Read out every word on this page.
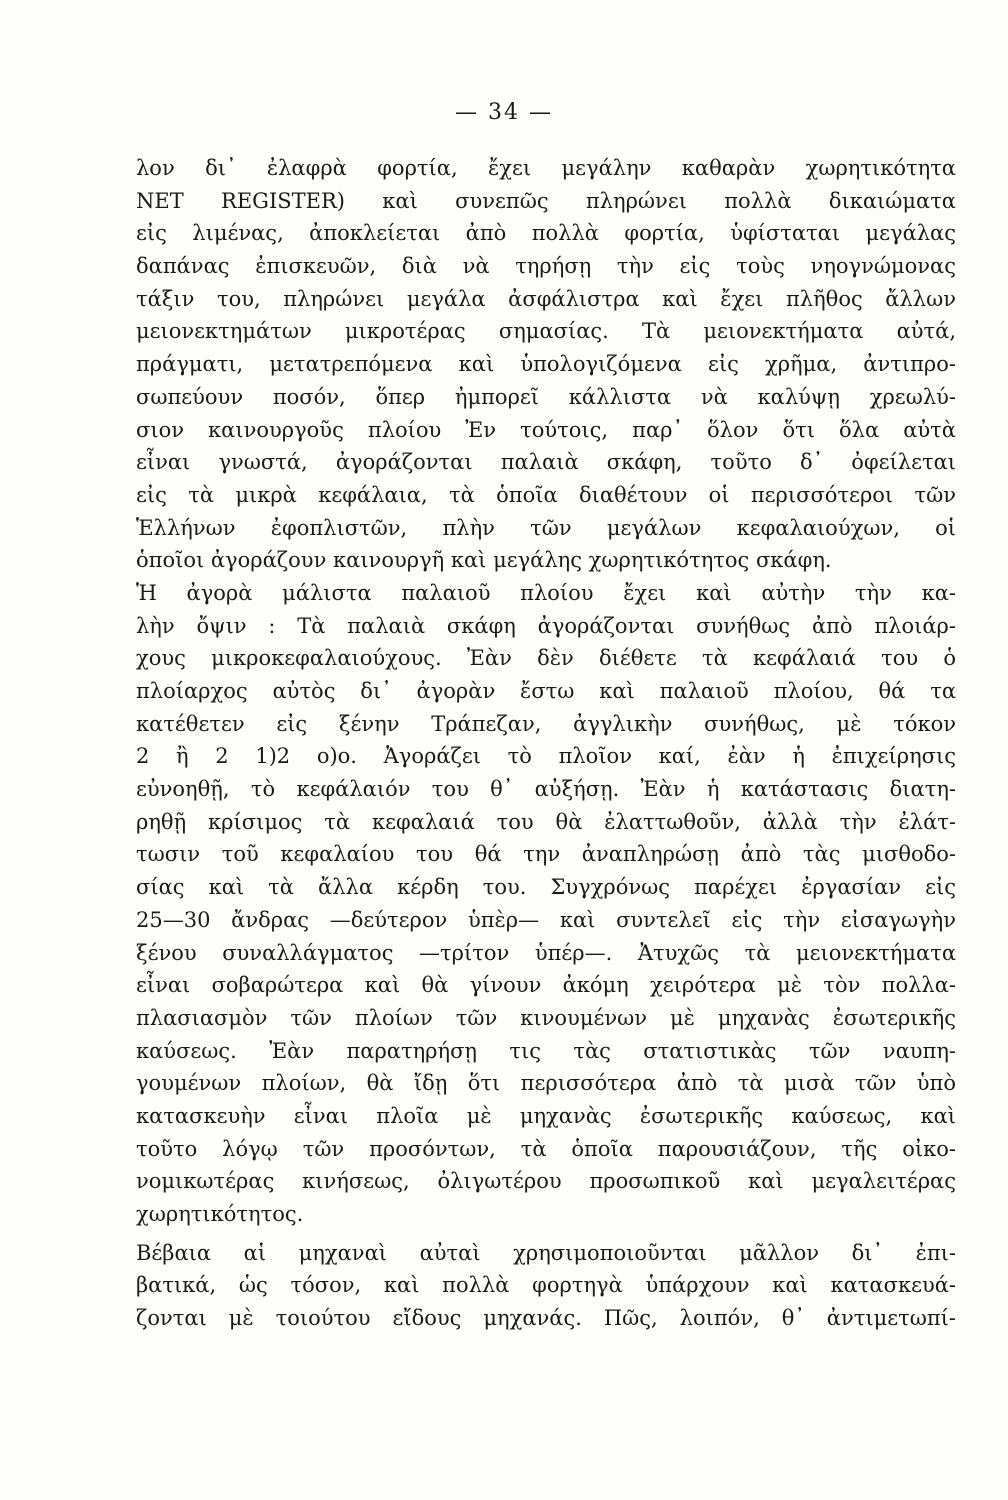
— 34 —
λον δι᾽ ἐλαφρὰ φορτία, ἔχει μεγάλην καθαρὰν χωρητικότητα
NET REGISTER) καὶ συνεπῶς πληρώνει πολλὰ δικαιώματα
εἰς λιμένας, ἀποκλείεται ἀπὸ πολλὰ φορτία, ὑφίσταται μεγάλας
δαπάνας ἐπισκευῶν, διὰ νὰ τηρήσῃ τὴν εἰς τοὺς νηογνώμονας
τάξιν του, πληρώνει μεγάλα ἀσφάλιστρα καὶ ἔχει πλῆθος ἄλλων
μειονεκτημάτων μικροτέρας σημασίας. Τὰ μειονεκτήματα αὐτά,
πράγματι, μετατρεπόμενα καὶ ὑπολογιζόμενα εἰς χρῆμα, ἀντιπρο-
σωπεύουν ποσόν, ὅπερ ἠμπορεῖ κάλλιστα νὰ καλύψῃ χρεωλύ-
σιον καινουργοῦς πλοίου Ἐν τούτοις, παρ᾽ ὅλον ὅτι ὅλα αὐτὰ
εἶναι γνωστά, ἀγοράζονται παλαιὰ σκάφη, τοῦτο δ᾽ ὀφείλεται
εἰς τὰ μικρὰ κεφάλαια, τὰ ὁποῖα διαθέτουν οἱ περισσότεροι τῶν
Ἑλλήνων ἐφοπλιστῶν, πλὴν τῶν μεγάλων κεφαλαιούχων, οἱ
ὁποῖοι ἀγοράζουν καινουργῆ καὶ μεγάλης χωρητικότητος σκάφη.
Ἡ ἀγορὰ μάλιστα παλαιοῦ πλοίου ἔχει καὶ αὐτὴν τὴν κα-
λὴν ὄψιν : Τὰ παλαιὰ σκάφη ἀγοράζονται συνήθως ἀπὸ πλοιάρ-
χους μικροκεφαλαιούχους. Ἐὰν δὲν διέθετε τὰ κεφάλαιά του ὁ
πλοίαρχος αὐτὸς δι᾽ ἀγορὰν ἔστω καὶ παλαιοῦ πλοίου, θά τα
κατέθετεν εἰς ξένην Τράπεζαν, ἀγγλικὴν συνήθως, μὲ τόκον
2 ἢ 2 1)2 ο)ο. Ἀγοράζει τὸ πλοῖον καί, ἐὰν ἡ ἐπιχείρησις
εὐνοηθῇ, τὸ κεφάλαιόν του θ᾽ αὐξήσῃ. Ἐὰν ἡ κατάστασις διατη-
ρηθῇ κρίσιμος τὰ κεφαλαιά του θὰ ἐλαττωθοῦν, ἀλλὰ τὴν ἐλάτ-
τωσιν τοῦ κεφαλαίου του θά την ἀναπληρώσῃ ἀπὸ τὰς μισθοδο-
σίας καὶ τὰ ἄλλα κέρδη του. Συγχρόνως παρέχει ἐργασίαν εἰς
25—30 ἄνδρας —δεύτερον ὑπὲρ— καὶ συντελεῖ εἰς τὴν εἰσαγωγὴν
ξένου συναλλάγματος —τρίτον ὑπέρ—. Ἀτυχῶς τὰ μειονεκτήματα
εἶναι σοβαρώτερα καὶ θὰ γίνουν ἀκόμη χειρότερα μὲ τὸν πολλα-
πλασιασμὸν τῶν πλοίων τῶν κινουμένων μὲ μηχανὰς ἐσωτερικῆς
καύσεως. Ἐὰν παρατηρήσῃ τις τὰς στατιστικὰς τῶν ναυπη-
γουμένων πλοίων, θὰ ἴδῃ ὅτι περισσότερα ἀπὸ τὰ μισὰ τῶν ὑπὸ
κατασκευὴν εἶναι πλοῖα μὲ μηχανὰς ἐσωτερικῆς καύσεως, καὶ
τοῦτο λόγῳ τῶν προσόντων, τὰ ὁποῖα παρουσιάζουν, τῆς οἰκο-
νομικωτέρας κινήσεως, ὀλιγωτέρου προσωπικοῦ καὶ μεγαλειτέρας
χωρητικότητος.
Βέβαια αἱ μηχαναὶ αὐταὶ χρησιμοποιοῦνται μᾶλλον δι᾽ ἐπι-
βατικά, ὡς τόσον, καὶ πολλὰ φορτηγὰ ὑπάρχουν καὶ κατασκευά-
ζονται μὲ τοιούτου εἴδους μηχανάς. Πῶς, λοιπόν, θ᾽ ἀντιμετωπί-
